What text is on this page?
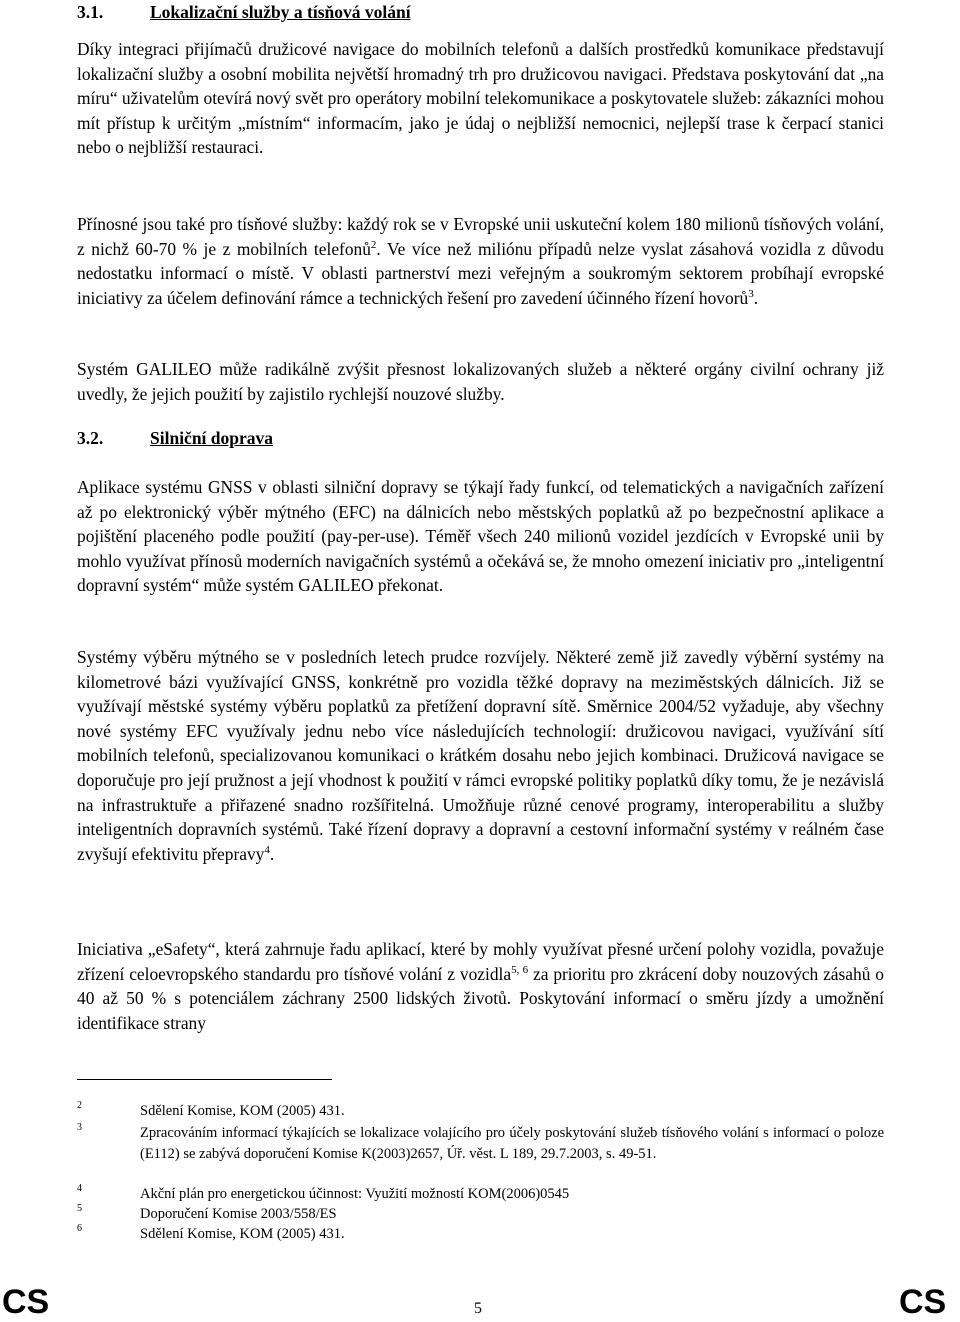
3.1.	Lokalizační služby a tísňová volání

Díky integraci přijímačů družicové navigace do mobilních telefonů a dalších prostředků komunikace představují lokalizační služby a osobní mobilita největší hromadný trh pro družicovou navigaci. Představa poskytování dat „na míru“ uživatelům otevírá nový svět pro operátory mobilní telekomunikace a poskytovatele služeb: zákazníci mohou mít přístup k určitým „místním“ informacím, jako je údaj o nejbližší nemocnici, nejlepší trase k čerpací stanici nebo o nejbližší restauraci.

Přínosné jsou také pro tísňové služby: každý rok se v Evropské unii uskuteční kolem 180 milionů tísňových volání, z nichž 60-70 % je z mobilních telefonů$^2$. Ve více než miliónu případů nelze vyslat zásahová vozidla z důvodu nedostatku informací o místě. V oblasti partnerství mezi veřejným a soukromým sektorem probíhají evropské iniciativy za účelem definování rámce a technických řešení pro zavedení účinného řízení hovorů$^3$.

Systém GALILEO může radikálně zvýšit přesnost lokalizovaných služeb a některé orgány civilní ochrany již uvedly, že jejich použití by zajistilo rychlejší nouzové služby.

3.2.	Silniční doprava

Aplikace systému GNSS v oblasti silniční dopravy se týkají řady funkcí, od telematických a navigačních zařízení až po elektronický výběr mýtného (EFC) na dálnicích nebo městských poplatků až po bezpečnostní aplikace a pojištění placeného podle použití (pay-per-use). Téměř všech 240 milionů vozidel jezdících v Evropské unii by mohlo využívat přínosů moderních navigačních systémů a očekává se, že mnoho omezení iniciativ pro „inteligentní dopravní systém“ může systém GALILEO překonat.

Systémy výběru mýtného se v posledních letech prudce rozvíjely. Některé země již zavedly výběrní systémy na kilometrové bázi využívající GNSS, konkrétně pro vozidla těžké dopravy na meziměstských dálnicích. Již se využívají městské systémy výběru poplatků za přetížení dopravní sítě. Směrnice 2004/52 vyžaduje, aby všechny nové systémy EFC využívaly jednu nebo více následujících technologií: družicovou navigaci, využívání sítí mobilních telefonů, specializovanou komunikaci o krátkém dosahu nebo jejich kombinaci. Družicová navigace se doporučuje pro její pružnost a její vhodnost k použití v rámci evropské politiky poplatků díky tomu, že je nezávislá na infrastruktuře a přiřazené snadno rozšířitelná. Umožňuje různé cenové programy, interoperabilitu a služby inteligentních dopravních systémů. Také řízení dopravy a dopravní a cestovní informační systémy v reálném čase zvyšují efektivitu přepravy$^4$.

Iniciativa „eSafety“, která zahrnuje řadu aplikací, které by mohly využívat přesné určení polohy vozidla, považuje zřízení celoevropského standardu pro tísňové volání z vozidla$^{5, 6}$ za prioritu pro zkrácení doby nouzových zásahů o 40 až 50 % s potenciálem záchrany 2500 lidských životů. Poskytování informací o směru jízdy a umožnění identifikace strany

2	Sdělení Komise, KOM (2005) 431.
3	Zpracováním informací týkajících se lokalizace volajícího pro účely poskytování služeb tísňového volání s informací o poloze (E112) se zabývá doporučení Komise K(2003)2657, Úř. věst. L 189, 29.7.2003, s. 49-51.
4	Akční plán pro energetickou účinnost: Využití možností KOM(2006)0545
5	Doporučení Komise 2003/558/ES
6	Sdělení Komise, KOM (2005) 431.
CS	5	CS
